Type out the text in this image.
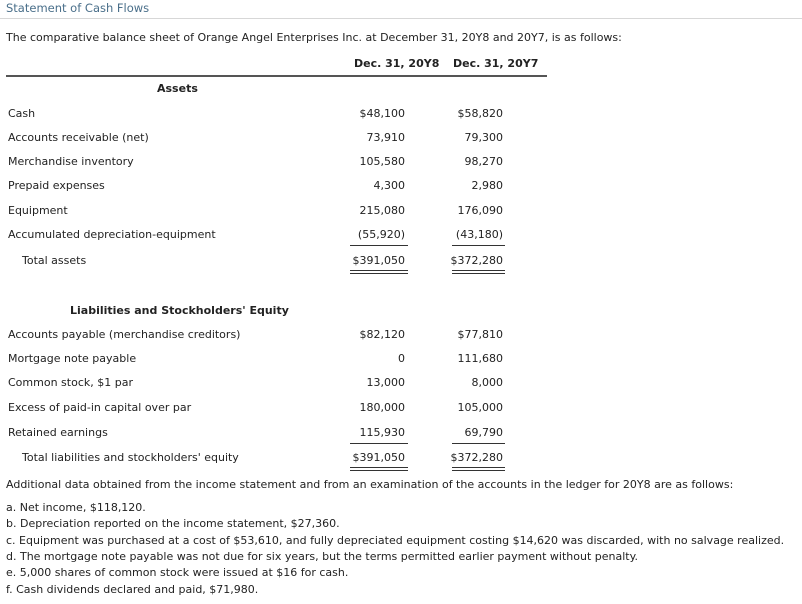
Statement of Cash Flows
The comparative balance sheet of Orange Angel Enterprises Inc. at December 31, 20Y8 and 20Y7, is as follows:
Dec. 31, 20Y8 Dec. 31, 20Y7
Assets
Cash	$48,100	$58,820
Accounts receivable (net)	73,910	79,300
Merchandise inventory	105,580	98,270
Prepaid expenses	4,300	2,980
Equipment	215,080	176,090
Accumulated depreciation-equipment	(55,920)	(43,180)
Total assets	$391,050	$372,280
Liabilities and Stockholders' Equity
Accounts payable (merchandise creditors)	$82,120	$77,810
Mortgage note payable	0	111,680
Common stock, $1 par	13,000	8,000
Excess of paid-in capital over par	180,000	105,000
Retained earnings	115,930	69,790
Total liabilities and stockholders' equity	$391,050	$372,280
Additional data obtained from the income statement and from an examination of the accounts in the ledger for 20Y8 are as follows:
a. Net income, $118,120.
b. Depreciation reported on the income statement, $27,360.
c. Equipment was purchased at a cost of $53,610, and fully depreciated equipment costing $14,620 was discarded, with no salvage realized.
d. The mortgage note payable was not due for six years, but the terms permitted earlier payment without penalty.
e. 5,000 shares of common stock were issued at $16 for cash.
f. Cash dividends declared and paid, $71,980.
